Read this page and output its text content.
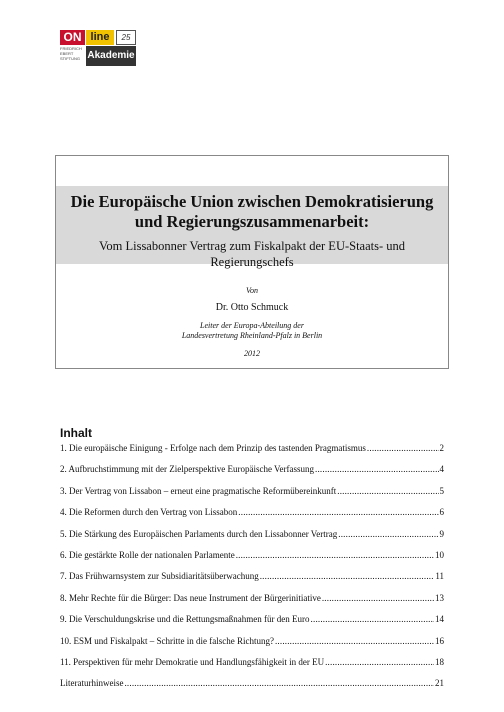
ON line	25
FRIEDRICH EBERT STIFTUNG Akademie
Die Europäische Union zwischen Demokratisierung und Regierungszusammenarbeit:
Vom Lissabonner Vertrag zum Fiskalpakt der EU-Staats- und Regierungschefs
Von
Dr. Otto Schmuck
Leiter der Europa-Abteilung der
Landesvertretung Rheinland-Pfalz in Berlin
2012
Inhalt
1. Die europäische Einigung - Erfolge nach dem Prinzip des tastenden Pragmatismus .....	2
2. Aufbruchstimmung mit der Zielperspektive Europäische Verfassung .....	4
3. Der Vertrag von Lissabon – erneut eine pragmatische Reformübereinkunft .....	5
4. Die Reformen durch den Vertrag von Lissabon .....	6
5. Die Stärkung des Europäischen Parlaments durch den Lissabonner Vertrag .....	9
6. Die gestärkte Rolle der nationalen Parlamente .....	10
7. Das Frühwarnsystem zur Subsidiaritätsüberwachung .....	11
8. Mehr Rechte für die Bürger: Das neue Instrument der Bürgerinitiative .....	13
9. Die Verschuldungskrise und die Rettungsmaßnahmen für den Euro .....	14
10. ESM und Fiskalpakt – Schritte in die falsche Richtung? .....	16
11. Perspektiven für mehr Demokratie und Handlungsfähigkeit in der EU .....	18
Literaturhinweise .....	21
